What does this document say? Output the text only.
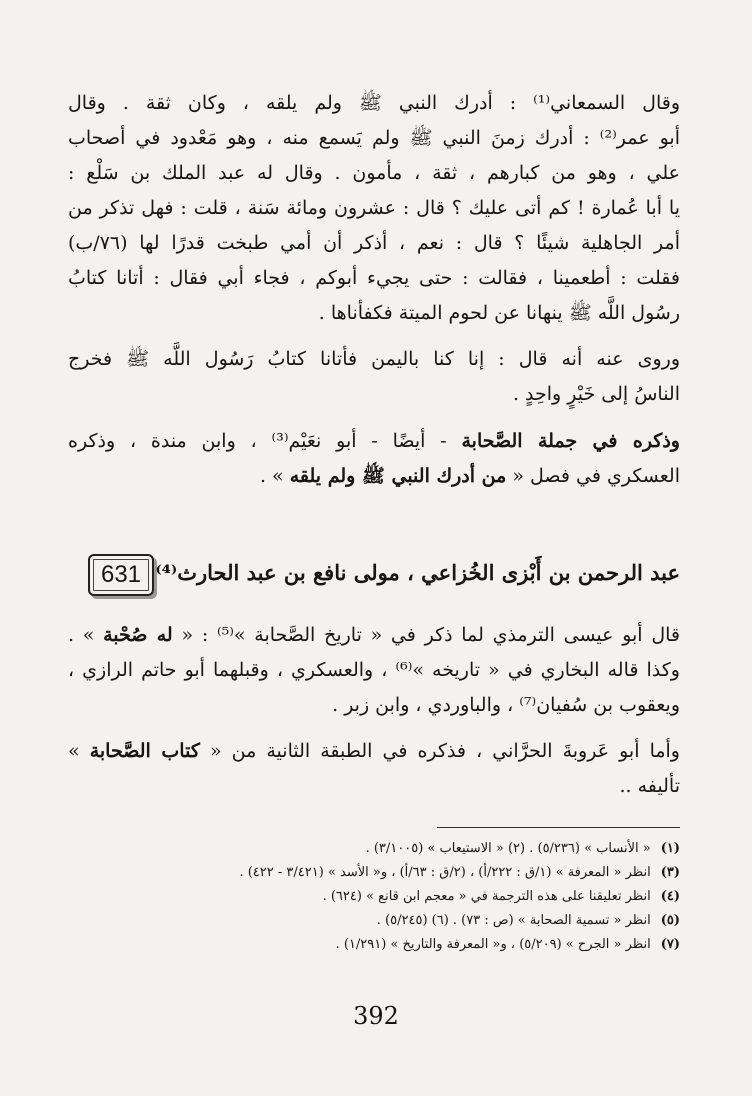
وقال السمعاني⁽¹⁾ : أدرك النبي ﷺ ولم يلقه ، وكان ثقة . وقال
أبو عمر⁽²⁾ : أدرك زمنَ النبي ﷺ ولم يَسمع منه ، وهو مَعْدود في أصحاب
علي ، وهو من كبارهم ، ثقة ، مأمون . وقال له عبد الملك بن سَلْع :
يا أبا عُمارة ! كم أتى عليك ؟ قال : عشرون ومائة سَنة ، قلت : فهل تذكر من
أمر الجاهلية شيئًا ؟ قال : نعم ، أذكر أن أمي طبخت قدرًا لها (٧٦/ب)
فقلت : أطعمينا ، فقالت : حتى يجيء أبوكم ، فجاء أبي فقال : أتانا كتابُ
رسُول اللَّه ﷺ ينهانا عن لحوم الميتة فكفأناها .
وروى عنه أنه قال : إنا كنا باليمن فأتانا كتابُ رَسُول اللَّه ﷺ فخرج
الناسُ إلى خَيْرٍ واحِدٍ .
وذكره في جملة الصَّحابة - أيضًا - أبو نعَيْم⁽³⁾ ، وابن مندة ، وذكره
العسكري في فصل « من أدرك النبي ﷺ ولم يلقه » .
631 عبد الرحمن بن أَبْزى الخُزاعي ، مولى نافع بن عبد الحارث⁽⁴⁾
قال أبو عيسى الترمذي لما ذكر في « تاريخ الصَّحابة »⁽⁵⁾ : « له صُحْبة » .
وكذا قاله البخاري في « تاريخه »⁽⁶⁾ ، والعسكري ، وقبلهما أبو حاتم الرازي ،
ويعقوب بن سُفيان⁽⁷⁾ ، والباوردي ، وابن زبر .
وأما أبو عَروبةَ الحرَّاني ، فذكره في الطبقة الثانية من « كتاب الصَّحابة »
تأليفه ..
(١)« الأنساب » (٥/٢٣٦) . (٢) « الاستيعاب » (٣/١٠٠٥) .
(٣)انظر « المعرفة » (١/ق : ٢٢٢/أ) ، (٢/ق : ٦٣/أ) ، و« الأسد » (٣/٤٢١ - ٤٢٢) .
(٤)انظر تعليقنا على هذه الترجمة في « معجم ابن قانع » (٦٢٤) .
(٥)انظر « تسمية الصحابة » (ص : ٧٣) . (٦) (٥/٢٤٥) .
(٧)انظر « الجرح » (٥/٢٠٩) ، و« المعرفة والتاريخ » (١/٢٩١) .
392
